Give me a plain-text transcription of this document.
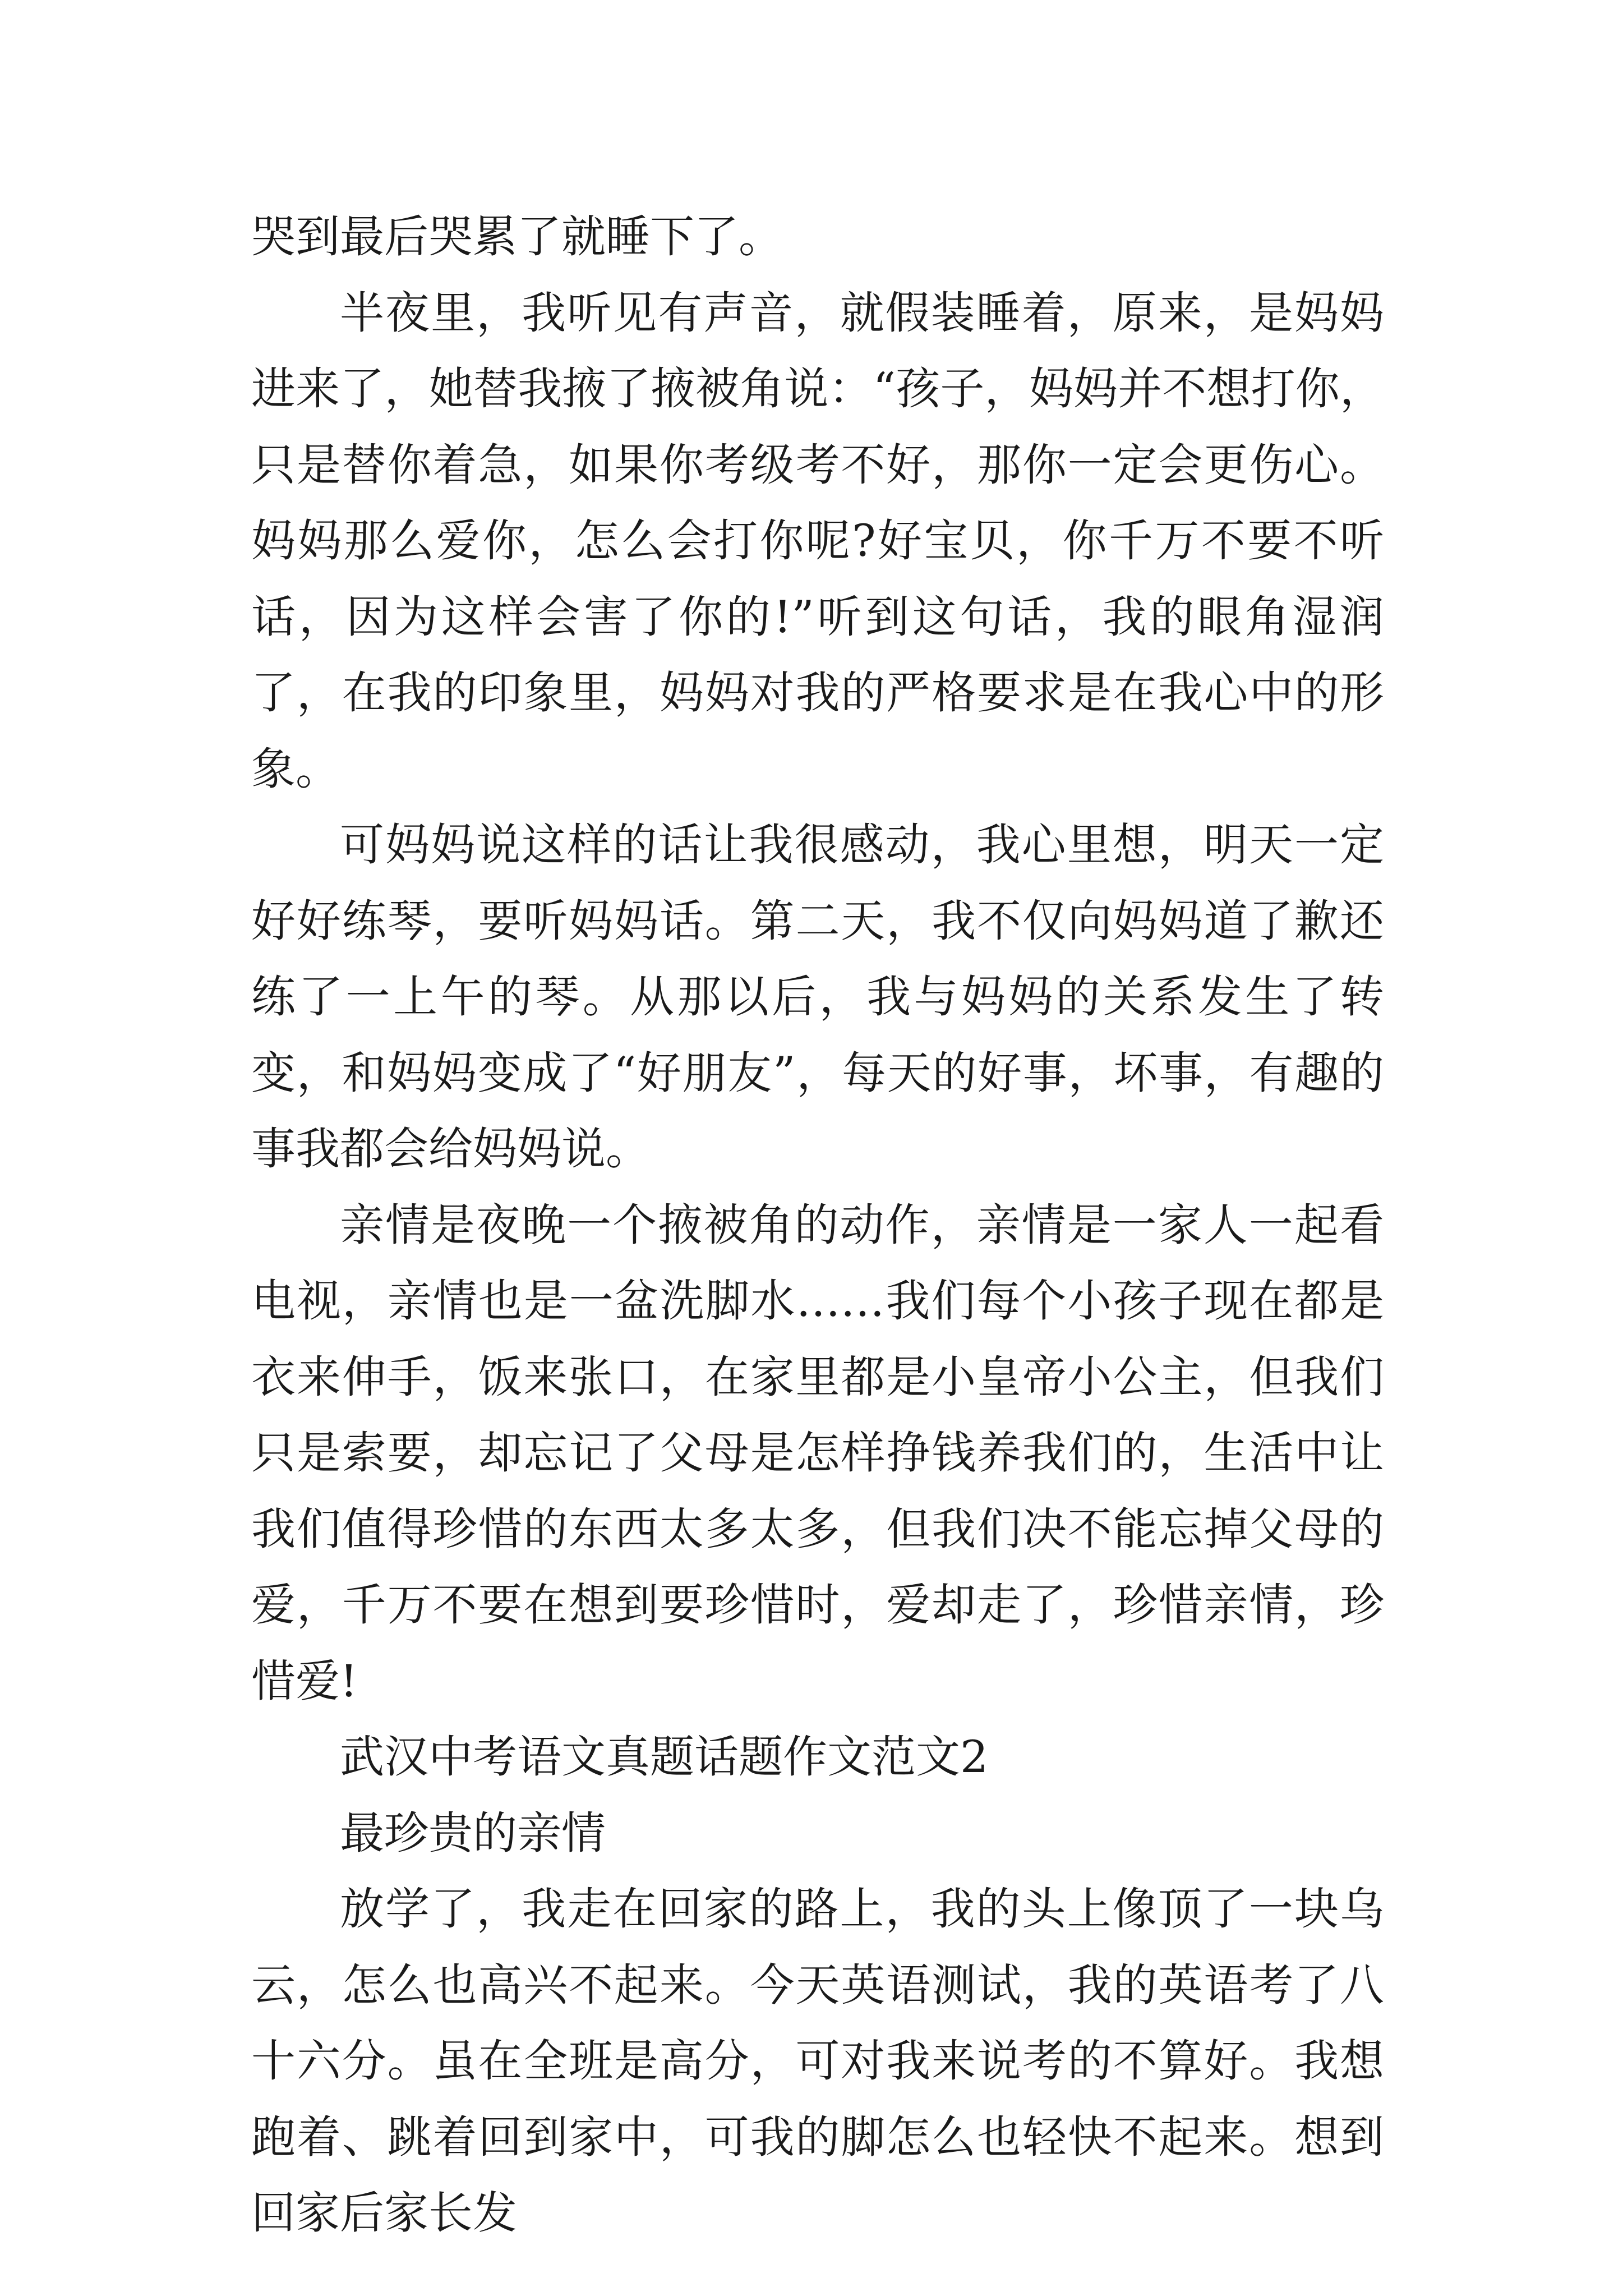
哭到最后哭累了就睡下了。

半夜里，我听见有声音，就假装睡着，原来，是妈妈进来了，她替我掖了掖被角说：“孩子，妈妈并不想打你，只是替你着急，如果你考级考不好，那你一定会更伤心。妈妈那么爱你，怎么会打你呢?好宝贝，你千万不要不听话，因为这样会害了你的!”听到这句话，我的眼角湿润了，在我的印象里，妈妈对我的严格要求是在我心中的形象。

可妈妈说这样的话让我很感动，我心里想，明天一定好好练琴，要听妈妈话。第二天，我不仅向妈妈道了歉还练了一上午的琴。从那以后，我与妈妈的关系发生了转变，和妈妈变成了“好朋友”，每天的好事，坏事，有趣的事我都会给妈妈说。

亲情是夜晚一个掖被角的动作，亲情是一家人一起看电视，亲情也是一盆洗脚水……我们每个小孩子现在都是衣来伸手，饭来张口，在家里都是小皇帝小公主，但我们只是索要，却忘记了父母是怎样挣钱养我们的，生活中让我们值得珍惜的东西太多太多，但我们决不能忘掉父母的爱，千万不要在想到要珍惜时，爱却走了，珍惜亲情，珍惜爱!

武汉中考语文真题话题作文范文2

最珍贵的亲情

放学了，我走在回家的路上，我的头上像顶了一块乌云，怎么也高兴不起来。今天英语测试，我的英语考了八十六分。虽在全班是高分，可对我来说考的不算好。我想跑着、跳着回到家中，可我的脚怎么也轻快不起来。想到回家后家长发
